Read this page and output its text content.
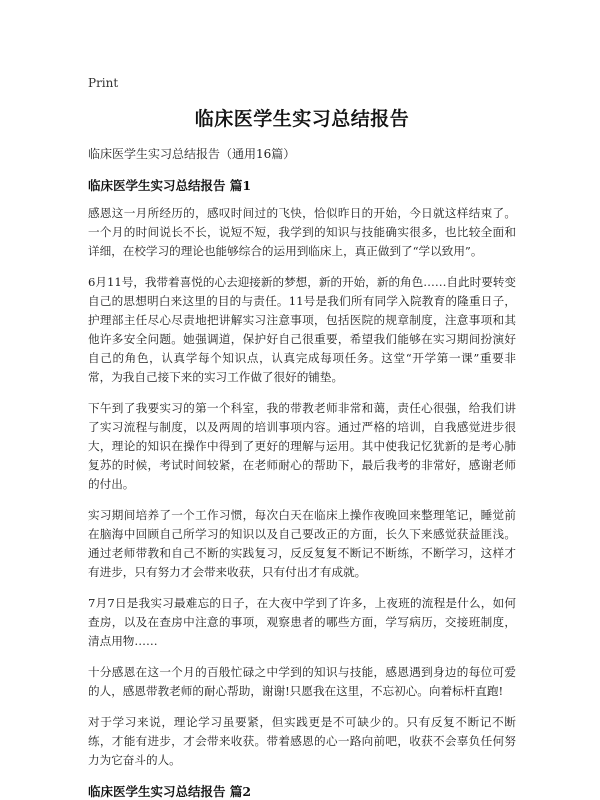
Print
临床医学生实习总结报告

临床医学生实习总结报告（通用16篇）

临床医学生实习总结报告 篇1

感恩这一月所经历的，感叹时间过的飞快，恰似昨日的开始，今日就这样结束了。一个月的时间说长不长，说短不短，我学到的知识与技能确实很多，也比较全面和详细，在校学习的理论也能够综合的运用到临床上，真正做到了“学以致用”。

6月11号，我带着喜悦的心去迎接新的梦想，新的开始，新的角色……自此时要转变自己的思想明白来这里的目的与责任。11号是我们所有同学入院教育的隆重日子，护理部主任尽心尽责地把讲解实习注意事项，包括医院的规章制度，注意事项和其他许多安全问题。她强调道，保护好自己很重要，希望我们能够在实习期间扮演好自己的角色，认真学每个知识点，认真完成每项任务。这堂“开学第一课”重要非常，为我自己接下来的实习工作做了很好的铺垫。

下午到了我要实习的第一个科室，我的带教老师非常和蔼，责任心很强，给我们讲了实习流程与制度，以及两周的培训事项内容。通过严格的培训，自我感觉进步很大，理论的知识在操作中得到了更好的理解与运用。其中使我记忆犹新的是考心肺复苏的时候，考试时间较紧，在老师耐心的帮助下，最后我考的非常好，感谢老师的付出。

实习期间培养了一个工作习惯，每次白天在临床上操作夜晚回来整理笔记，睡觉前在脑海中回顾自己所学习的知识以及自己要改正的方面，长久下来感觉获益匪浅。通过老师带教和自己不断的实践复习，反反复复不断记不断练，不断学习，这样才有进步，只有努力才会带来收获，只有付出才有成就。

7月7日是我实习最难忘的日子，在大夜中学到了许多，上夜班的流程是什么，如何查房，以及在查房中注意的事项，观察患者的哪些方面，学写病历，交接班制度，清点用物……

十分感恩在这一个月的百般忙碌之中学到的知识与技能，感恩遇到身边的每位可爱的人，感恩带教老师的耐心帮助，谢谢!只愿我在这里，不忘初心。向着标杆直跑!

对于学习来说，理论学习虽要紧，但实践更是不可缺少的。只有反复不断记不断练，才能有进步，才会带来收获。带着感恩的心一路向前吧，收获不会辜负任何努力为它奋斗的人。

临床医学生实习总结报告 篇2
